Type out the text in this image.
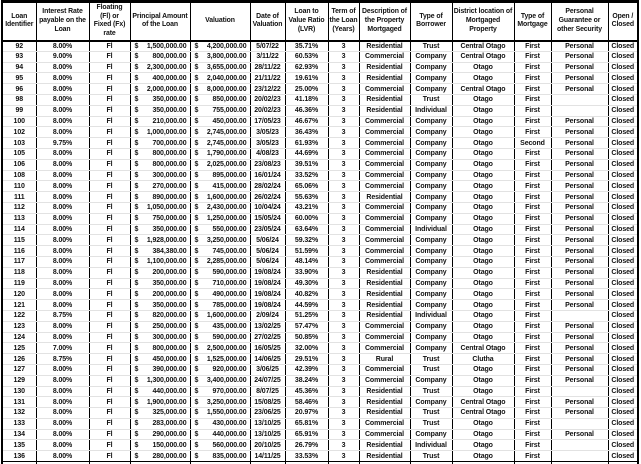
Loan Identifier	Interest Rate payable on the Loan	Floating (Fl) or Fixed (Fx) rate	Principal Amount of the Loan	Valuation	Date of Valuation	Loan to Value Ratio (LVR)	Term of the Loan (Years)	Description of the Property Mortgaged	Type of Borrower	District location of Mortgaged Property	Type of Mortgage	Personal Guarantee or other Security	Open / Closed
92	8.00%	Fl	$ 1,500,000.00	$ 4,200,000.00	5/07/22	35.71%	3	Residential	Trust	Central Otago	First	Personal	Closed
93	9.00%	Fl	$ 800,000.00	$ 3,800,000.00	3/11/22	60.53%	3	Commercial	Company	Central Otago	First	Personal	Closed
94	8.00%	Fl	$ 2,300,000.00	$ 3,655,000.00	28/11/22	62.93%	3	Residential	Company	Otago	First	Personal	Closed
95	8.00%	Fl	$ 400,000.00	$ 2,040,000.00	21/11/22	19.61%	3	Residential	Company	Otago	First	Personal	Closed
96	8.00%	Fl	$ 2,000,000.00	$ 8,000,000.00	23/12/22	25.00%	3	Commercial	Company	Central Otago	First	Personal	Closed
98	8.00%	Fl	$ 350,000.00	$ 850,000.00	20/02/23	41.18%	3	Residential	Trust	Otago	First		Closed
99	8.00%	Fl	$ 350,000.00	$ 755,000.00	20/02/23	46.36%	3	Residential	Individual	Otago	First		Closed
100	8.00%	Fl	$ 210,000.00	$ 450,000.00	17/05/23	46.67%	3	Commercial	Company	Otago	First	Personal	Closed
102	8.00%	Fl	$ 1,000,000.00	$ 2,745,000.00	3/05/23	36.43%	3	Commercial	Company	Otago	First	Personal	Closed
103	9.75%	Fl	$ 700,000.00	$ 2,745,000.00	3/05/23	61.93%	3	Commercial	Company	Otago	Second	Personal	Closed
105	8.00%	Fl	$ 800,000.00	$ 1,790,000.00	4/08/23	44.69%	3	Commercial	Company	Otago	First	Personal	Closed
106	8.00%	Fl	$ 800,000.00	$ 2,025,000.00	23/08/23	39.51%	3	Commercial	Company	Otago	First	Personal	Closed
108	8.00%	Fl	$ 300,000.00	$ 895,000.00	16/01/24	33.52%	3	Commercial	Company	Otago	First	Personal	Closed
110	8.00%	Fl	$ 270,000.00	$ 415,000.00	28/02/24	65.06%	3	Commercial	Company	Otago	First	Personal	Closed
111	8.00%	Fl	$ 890,000.00	$ 1,600,000.00	26/02/24	55.63%	3	Residential	Company	Otago	First	Personal	Closed
112	8.00%	Fl	$ 1,050,000.00	$ 2,430,000.00	10/04/24	43.21%	3	Commercial	Company	Otago	First	Personal	Closed
113	8.00%	Fl	$ 750,000.00	$ 1,250,000.00	15/05/24	60.00%	3	Commercial	Company	Otago	First	Personal	Closed
114	8.00%	Fl	$ 350,000.00	$ 550,000.00	23/05/24	63.64%	3	Commercial	Individual	Otago	First	Personal	Closed
115	8.00%	Fl	$ 1,928,000.00	$ 3,250,000.00	5/06/24	59.32%	3	Commercial	Company	Otago	First	Personal	Closed
116	8.00%	Fl	$ 384,380.00	$ 745,000.00	5/06/24	51.59%	3	Commercial	Company	Otago	First	Personal	Closed
117	8.00%	Fl	$ 1,100,000.00	$ 2,285,000.00	5/06/24	48.14%	3	Commercial	Company	Otago	First	Personal	Closed
118	8.00%	Fl	$ 200,000.00	$ 590,000.00	19/08/24	33.90%	3	Residential	Company	Otago	First	Personal	Closed
119	8.00%	Fl	$ 350,000.00	$ 710,000.00	19/08/24	49.30%	3	Residential	Company	Otago	First	Personal	Closed
120	8.00%	Fl	$ 200,000.00	$ 490,000.00	19/08/24	40.82%	3	Residential	Company	Otago	First	Personal	Closed
121	8.00%	Fl	$ 350,000.00	$ 785,000.00	19/08/24	44.59%	3	Residential	Company	Otago	First	Personal	Closed
122	8.75%	Fl	$ 820,000.00	$ 1,600,000.00	2/09/24	51.25%	3	Residential	Individual	Otago	First		Closed
123	8.00%	Fl	$ 250,000.00	$ 435,000.00	13/02/25	57.47%	3	Commercial	Company	Otago	First	Personal	Closed
124	8.00%	Fl	$ 300,000.00	$ 590,000.00	27/02/25	50.85%	3	Commercial	Company	Otago	First	Personal	Closed
125	7.00%	Fl	$ 800,000.00	$ 2,500,000.00	16/05/25	32.00%	3	Commercial	Company	Central Otago	First	Personal	Closed
126	8.75%	Fl	$ 450,000.00	$ 1,525,000.00	14/06/25	29.51%	3	Rural	Trust	Clutha	First	Personal	Closed
127	8.00%	Fl	$ 390,000.00	$ 920,000.00	3/06/25	42.39%	3	Commercial	Trust	Otago	First	Personal	Closed
129	8.00%	Fl	$ 1,300,000.00	$ 3,400,000.00	24/07/25	38.24%	3	Commercial	Company	Otago	First	Personal	Closed
130	8.00%	Fl	$ 440,000.00	$ 970,000.00	8/07/25	45.36%	3	Residential	Trust	Otago	First		Closed
131	8.00%	Fl	$ 1,900,000.00	$ 3,250,000.00	15/08/25	58.46%	3	Residential	Company	Central Otago	First	Personal	Closed
132	8.00%	Fl	$ 325,000.00	$ 1,550,000.00	23/06/25	20.97%	3	Residential	Trust	Central Otago	First	Personal	Closed
133	8.00%	Fl	$ 283,000.00	$ 430,000.00	13/10/25	65.81%	3	Commercial	Trust	Otago	First		Closed
134	8.00%	Fl	$ 290,000.00	$ 440,000.00	13/10/25	65.91%	3	Commercial	Company	Otago	First	Personal	Closed
135	8.00%	Fl	$ 150,000.00	$ 560,000.00	20/10/25	26.79%	3	Residential	Individual	Otago	First		Closed
136	8.00%	Fl	$ 280,000.00	$ 835,000.00	14/11/25	33.53%	3	Residential	Trust	Otago	First		Closed
